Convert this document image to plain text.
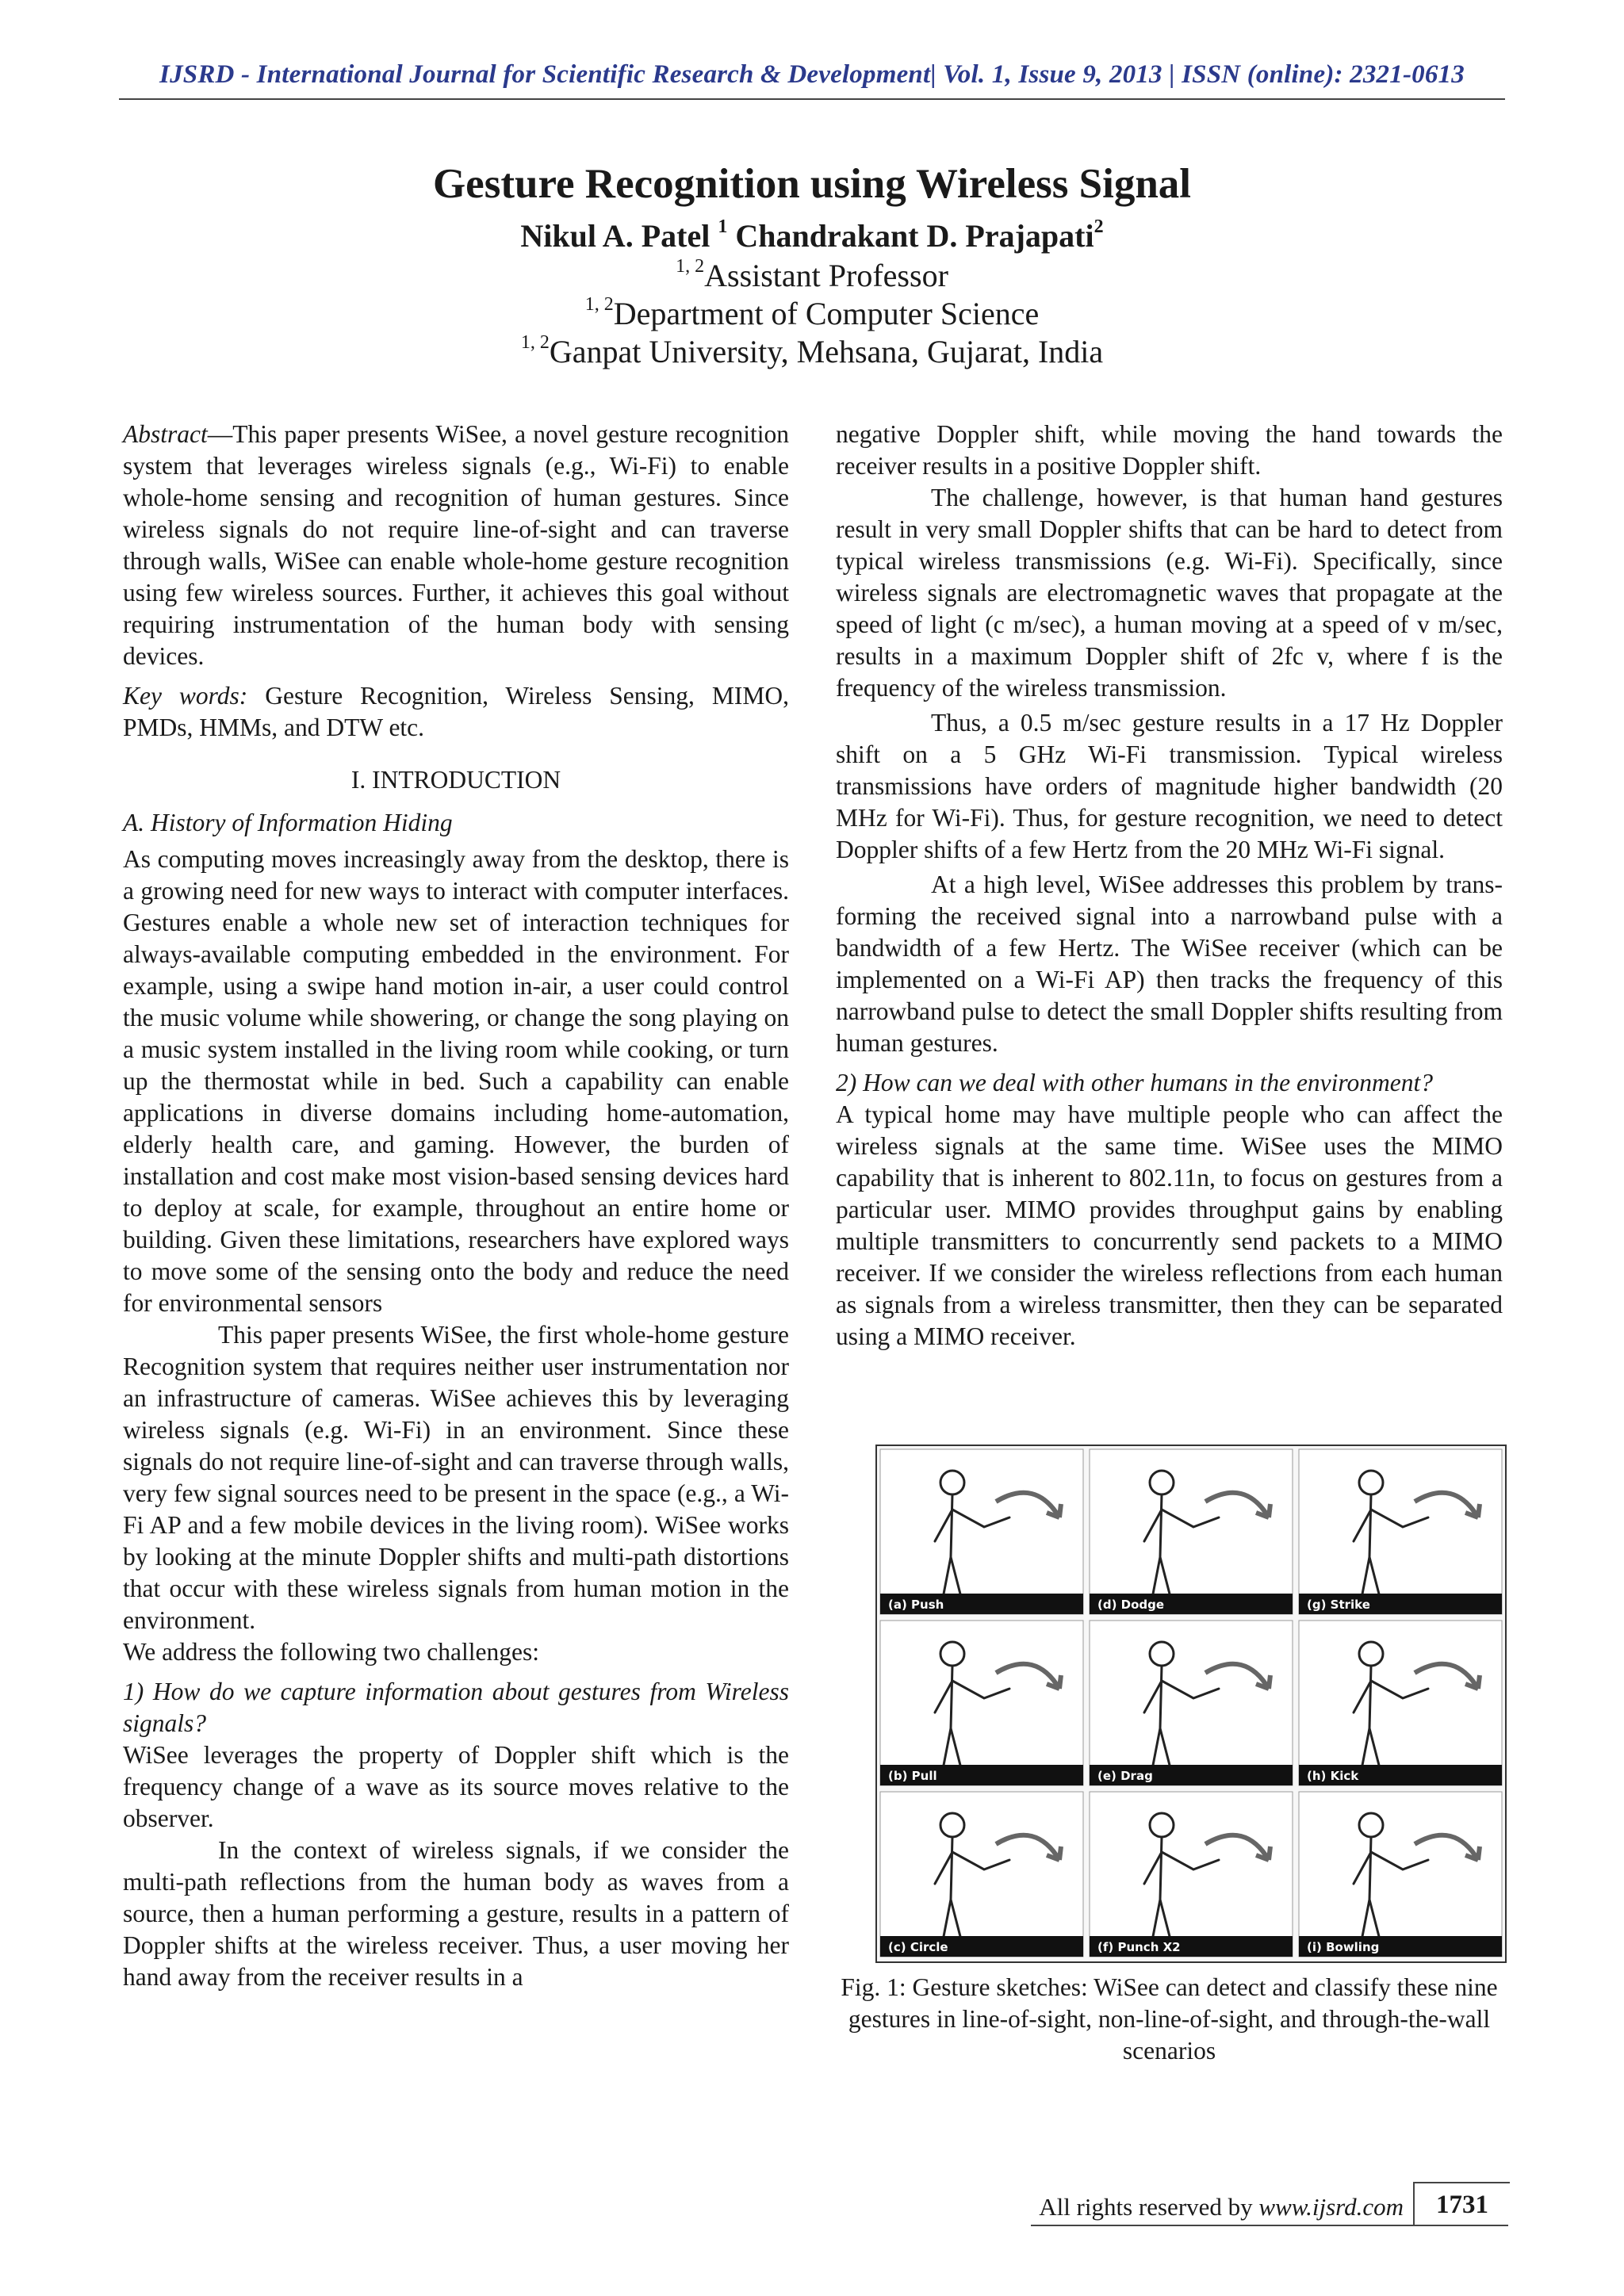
IJSRD - International Journal for Scientific Research & Development| Vol. 1, Issue 9, 2013 | ISSN (online): 2321-0613
Gesture Recognition using Wireless Signal
Nikul A. Patel $^1$ Chandrakant D. Prajapati$^2$
$^{1, 2}$Assistant Professor
$^{1, 2}$Department of Computer Science
$^{1, 2}$Ganpat University, Mehsana, Gujarat, India

Abstract—This paper presents WiSee, a novel gesture recognition system that leverages wireless signals (e.g., Wi-Fi) to enable whole-home sensing and recognition of human gestures. Since wireless signals do not require line-of-sight and can traverse through walls, WiSee can enable whole-home gesture recognition using few wireless sources. Further, it achieves this goal without requiring instrumentation of the human body with sensing devices.

Key words: Gesture Recognition, Wireless Sensing, MIMO, PMDs, HMMs, and DTW etc.

I. INTRODUCTION

A. History of Information Hiding

As computing moves increasingly away from the desktop, there is a growing need for new ways to interact with computer interfaces. Gestures enable a whole new set of interaction techniques for always-available computing embedded in the environment. For example, using a swipe hand motion in-air, a user could control the music volume while showering, or change the song playing on a music system installed in the living room while cooking, or turn up the thermostat while in bed. Such a capability can enable applications in diverse domains including home-automation, elderly health care, and gaming. However, the burden of installation and cost make most vision-based sensing devices hard to deploy at scale, for example, throughout an entire home or building. Given these limitations, researchers have explored ways to move some of the sensing onto the body and reduce the need for environmental sensors

This paper presents WiSee, the first whole-home gesture Recognition system that requires neither user instrumentation nor an infrastructure of cameras. WiSee achieves this by leveraging wireless signals (e.g. Wi-Fi) in an environment. Since these signals do not require line-of-sight and can traverse through walls, very few signal sources need to be present in the space (e.g., a Wi-Fi AP and a few mobile devices in the living room). WiSee works by looking at the minute Doppler shifts and multi-path distortions that occur with these wireless signals from human motion in the environment.

We address the following two challenges:

1) How do we capture information about gestures from Wireless signals?

WiSee leverages the property of Doppler shift which is the frequency change of a wave as its source moves relative to the observer.

In the context of wireless signals, if we consider the multi-path reflections from the human body as waves from a source, then a human performing a gesture, results in a pattern of Doppler shifts at the wireless receiver. Thus, a user moving her hand away from the receiver results in a

negative Doppler shift, while moving the hand towards the receiver results in a positive Doppler shift.

The challenge, however, is that human hand gestures result in very small Doppler shifts that can be hard to detect from typical wireless transmissions (e.g. Wi-Fi). Specifically, since wireless signals are electromagnetic waves that propagate at the speed of light (c m/sec), a human moving at a speed of v m/sec, results in a maximum Doppler shift of 2fc v, where f is the frequency of the wireless transmission.

Thus, a 0.5 m/sec gesture results in a 17 Hz Doppler shift on a 5 GHz Wi-Fi transmission. Typical wireless transmissions have orders of magnitude higher bandwidth (20 MHz for Wi-Fi). Thus, for gesture recognition, we need to detect Doppler shifts of a few Hertz from the 20 MHz Wi-Fi signal.

At a high level, WiSee addresses this problem by trans-forming the received signal into a narrowband pulse with a bandwidth of a few Hertz. The WiSee receiver (which can be implemented on a Wi-Fi AP) then tracks the frequency of this narrowband pulse to detect the small Doppler shifts resulting from human gestures.

2) How can we deal with other humans in the environment?

A typical home may have multiple people who can affect the wireless signals at the same time. WiSee uses the MIMO capability that is inherent to 802.11n, to focus on gestures from a particular user. MIMO provides throughput gains by enabling multiple transmitters to concurrently send packets to a MIMO receiver. If we consider the wireless reflections from each human as signals from a wireless transmitter, then they can be separated using a MIMO receiver.

(a) Push	(d) Dodge	(g) Strike
(b) Pull	(e) Drag	(h) Kick
(c) Circle	(f) Punch X2	(i) Bowling
Fig. 1: Gesture sketches: WiSee can detect and classify these nine gestures in line-of-sight, non-line-of-sight, and through-the-wall scenarios
All rights reserved by www.ijsrd.com	1731
